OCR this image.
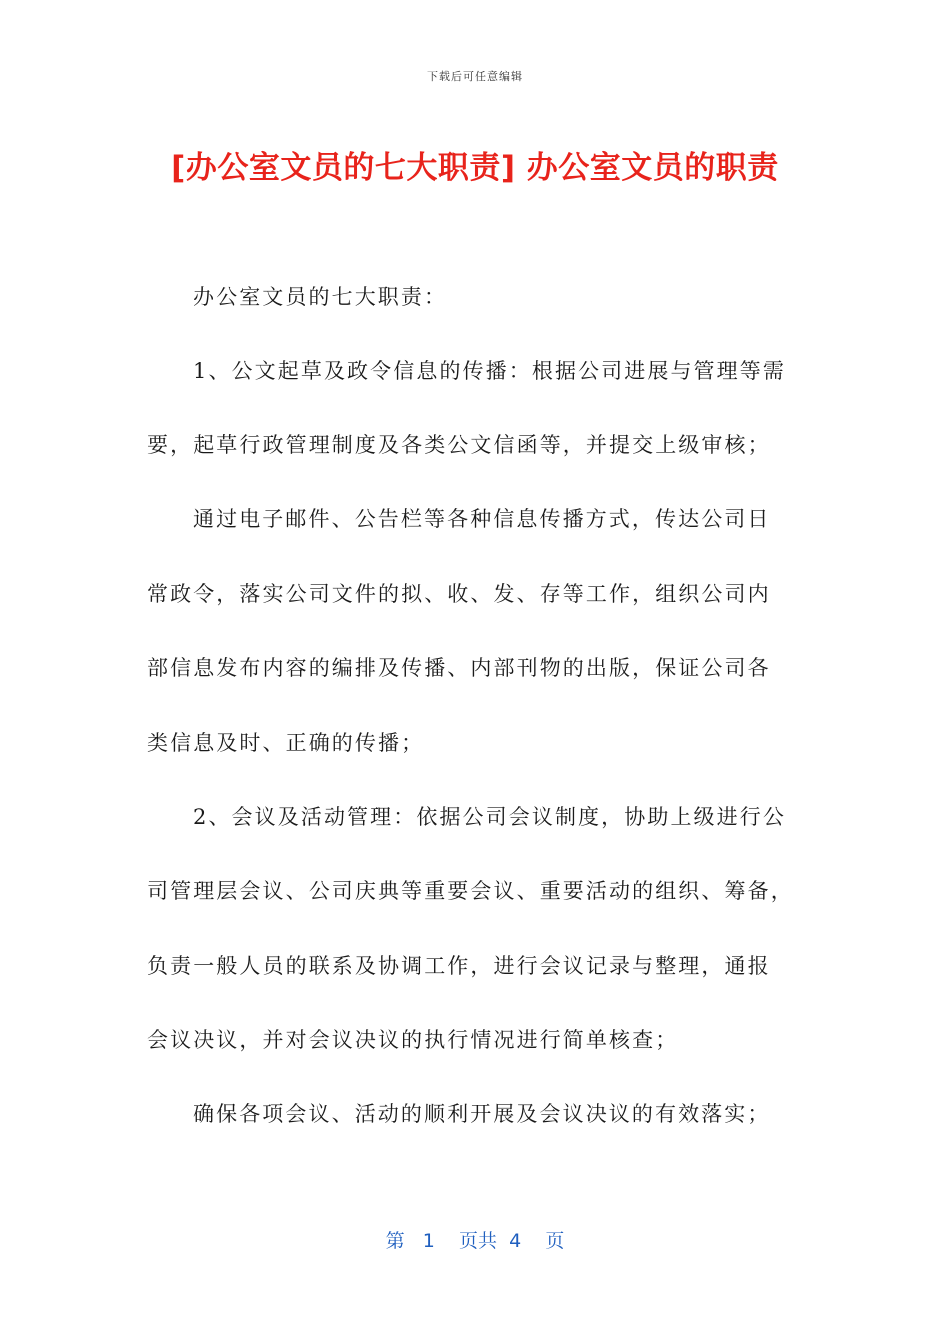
下载后可任意编辑
[办公室文员的七大职责] 办公室文员的职责
办公室文员的七大职责：
1、公文起草及政令信息的传播：根据公司进展与管理等需
要，起草行政管理制度及各类公文信函等，并提交上级审核；
通过电子邮件、公告栏等各种信息传播方式，传达公司日
常政令，落实公司文件的拟、收、发、存等工作，组织公司内
部信息发布内容的编排及传播、内部刊物的出版，保证公司各
类信息及时、正确的传播；
2、会议及活动管理：依据公司会议制度，协助上级进行公
司管理层会议、公司庆典等重要会议、重要活动的组织、筹备，
负责一般人员的联系及协调工作，进行会议记录与整理，通报
会议决议，并对会议决议的执行情况进行简单核查；
确保各项会议、活动的顺利开展及会议决议的有效落实；
第 1 页共 4 页
